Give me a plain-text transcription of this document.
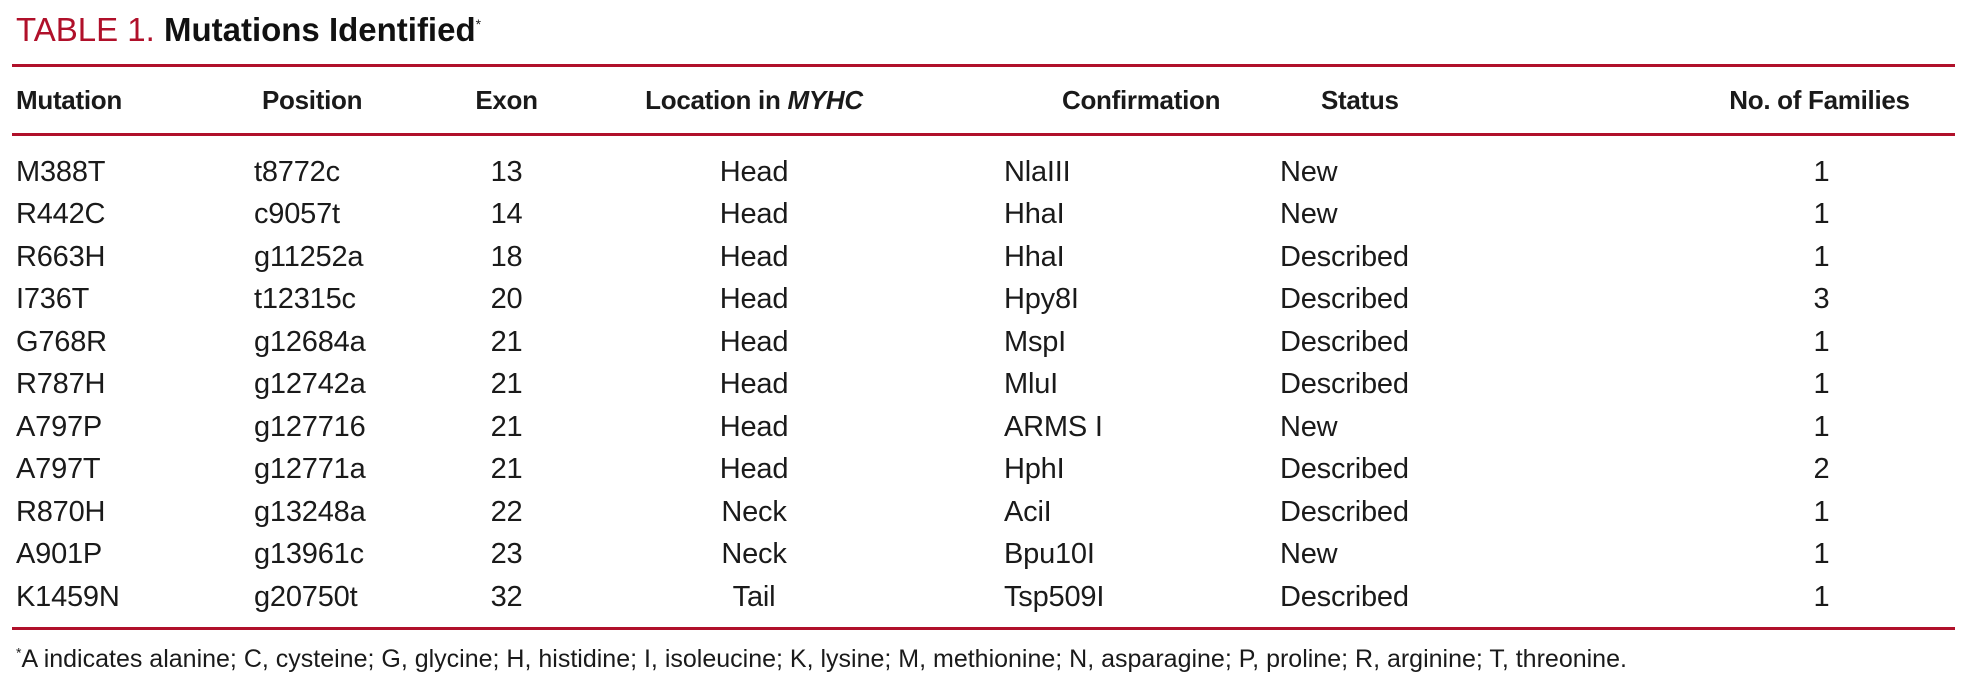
TABLE 1. Mutations Identified*
Mutation	Position	Exon	Location in MYHC	Confirmation	Status	No. of Families
M388T	t8772c	13	Head	NlaIII	New	1
R442C	c9057t	14	Head	HhaI	New	1
R663H	g11252a	18	Head	HhaI	Described	1
I736T	t12315c	20	Head	Hpy8I	Described	3
G768R	g12684a	21	Head	MspI	Described	1
R787H	g12742a	21	Head	MluI	Described	1
A797P	g127716	21	Head	ARMS I	New	1
A797T	g12771a	21	Head	HphI	Described	2
R870H	g13248a	22	Neck	AciI	Described	1
A901P	g13961c	23	Neck	Bpu10I	New	1
K1459N	g20750t	32	Tail	Tsp509I	Described	1
*A indicates alanine; C, cysteine; G, glycine; H, histidine; I, isoleucine; K, lysine; M, methionine; N, asparagine; P, proline; R, arginine; T, threonine.
